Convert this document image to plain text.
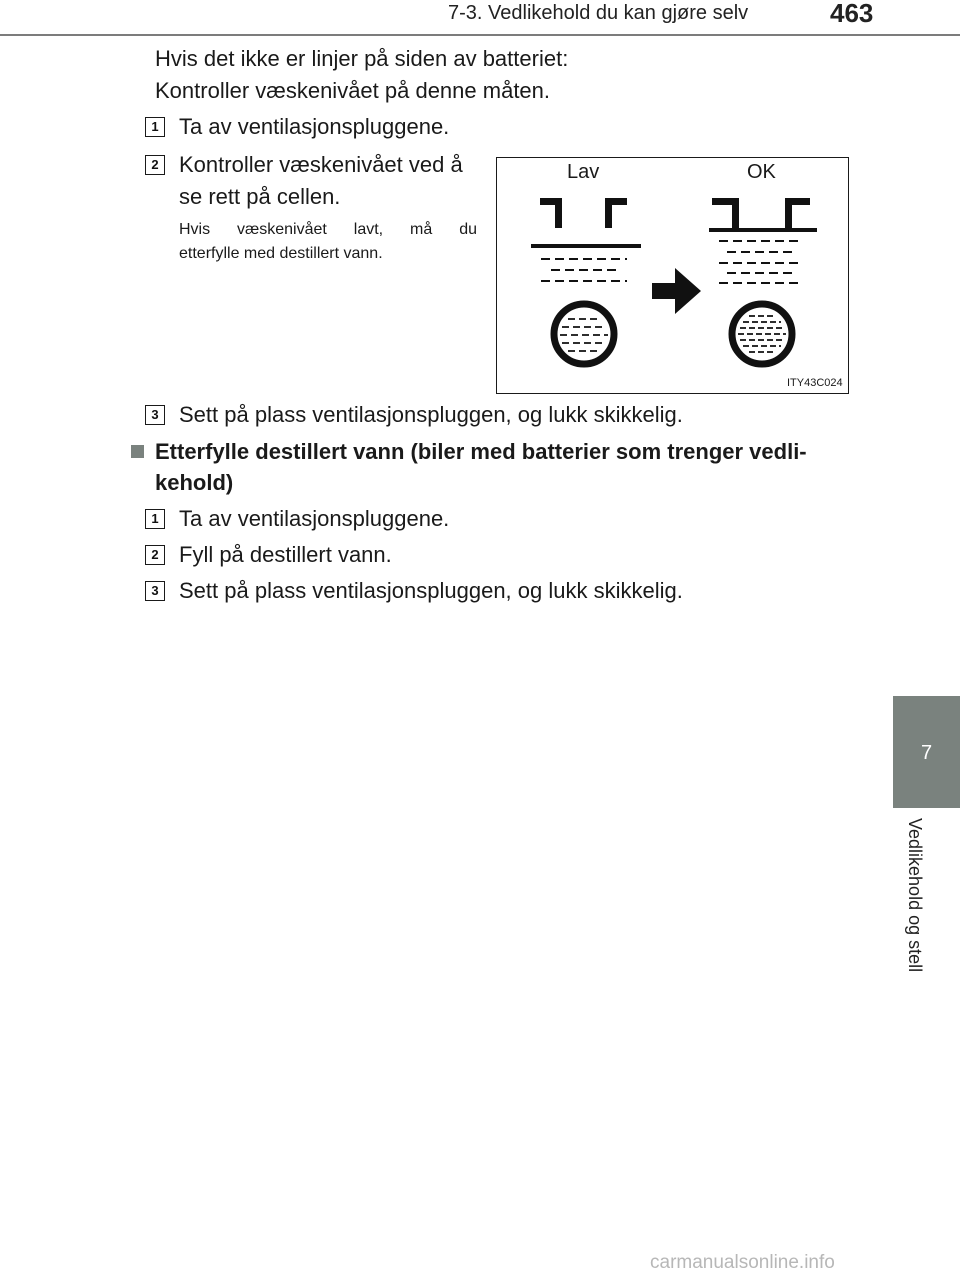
7-3. Vedlikehold du kan gjøre selv	463
7
Vedlikehold og stell
Hvis det ikke er linjer på siden av batteriet:
Kontroller væskenivået på denne måten.
1 Ta av ventilasjonspluggene.
2 Kontroller væskenivået ved å
se rett på cellen.
Hvis væskenivået lavt, må du
etterfylle med destillert vann.
Lav	OK
ITY43C024
3 Sett på plass ventilasjonspluggen, og lukk skikkelig.
Etterfylle destillert vann (biler med batterier som trenger vedli-
kehold)
1 Ta av ventilasjonspluggene.
2 Fyll på destillert vann.
3 Sett på plass ventilasjonspluggen, og lukk skikkelig.
carmanualsonline.info
